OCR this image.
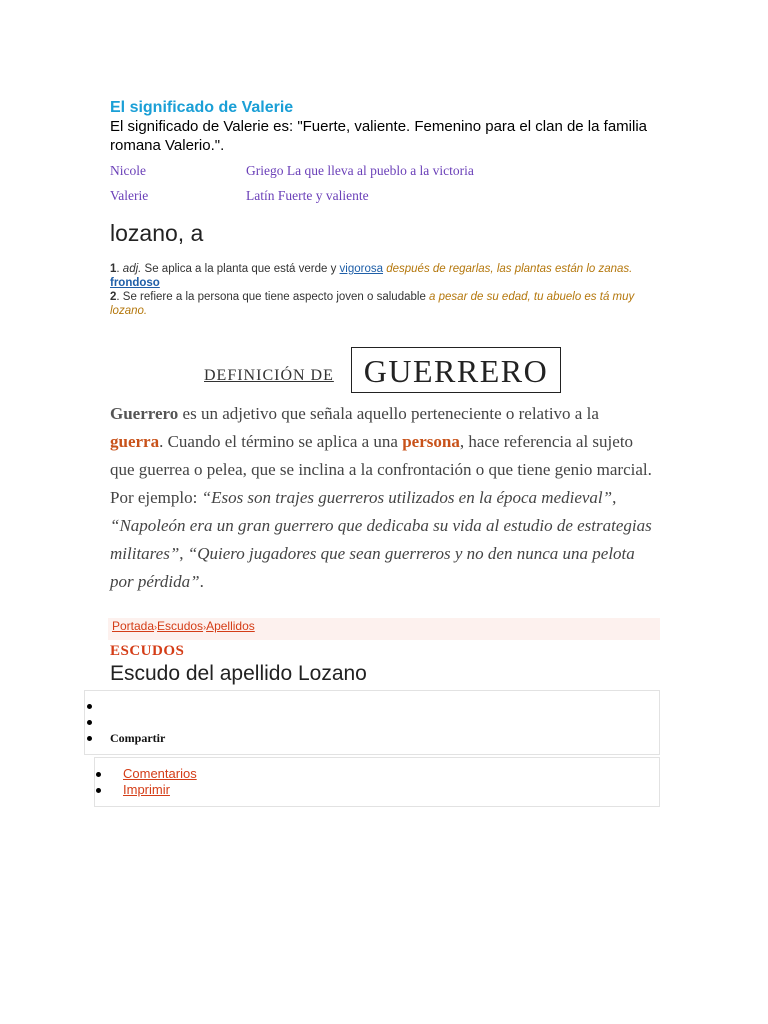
El significado de Valerie
El significado de Valerie es: "Fuerte, valiente. Femenino para el clan de la familia romana Valerio.".
Nicole	Griego La que lleva al pueblo a la victoria
Valerie	Latín Fuerte y valiente
lozano, a
1. adj. Se aplica a la planta que está verde y vigorosa después de regarlas, las plantas están lo zanas. frondoso
2. Se refiere a la persona que tiene aspecto joven o saludable a pesar de su edad, tu abuelo es tá muy lozano.
DEFINICIÓN DE GUERRERO
Guerrero es un adjetivo que señala aquello perteneciente o relativo a la guerra. Cuando el término se aplica a una persona, hace referencia al sujeto que guerrea o pelea, que se inclina a la confrontación o que tiene genio marcial. Por ejemplo: “Esos son trajes guerreros utilizados en la época medieval”, “Napoleón era un gran guerrero que dedicaba su vida al estudio de estrategias militares”, “Quiero jugadores que sean guerreros y no den nunca una pelota por pérdida”.
Portada›Escudos›Apellidos
ESCUDOS
Escudo del apellido Lozano
Compartir
Comentarios
Imprimir
